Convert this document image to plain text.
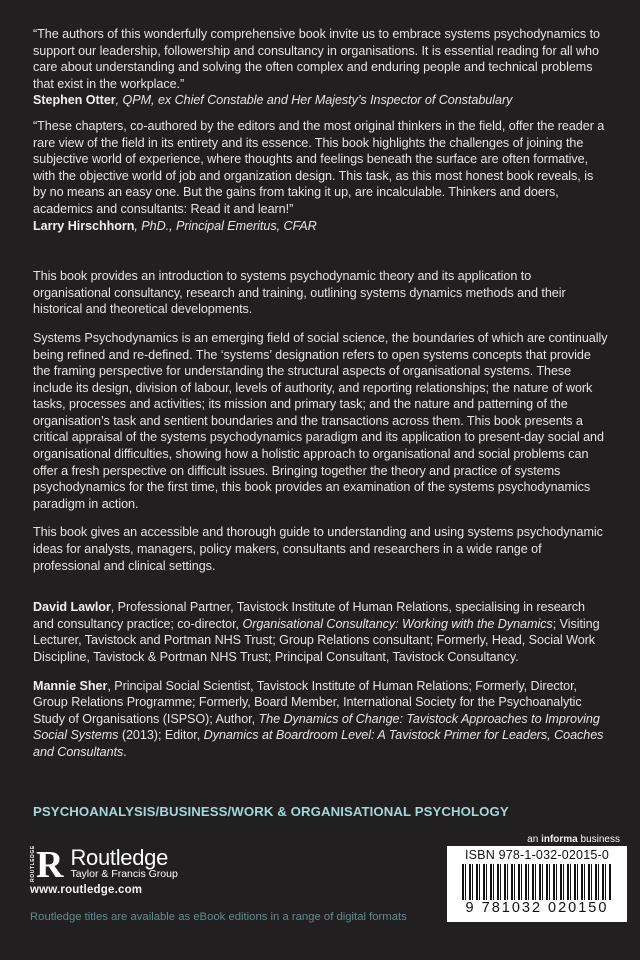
“The authors of this wonderfully comprehensive book invite us to embrace systems psychodynamics to support our leadership, followership and consultancy in organisations. It is essential reading for all who care about understanding and solving the often complex and enduring people and technical problems that exist in the workplace.”

Stephen Otter, QPM, ex Chief Constable and Her Majesty’s Inspector of Constabulary

“These chapters, co-authored by the editors and the most original thinkers in the field, offer the reader a rare view of the field in its entirety and its essence. This book highlights the challenges of joining the subjective world of experience, where thoughts and feelings beneath the surface are often formative, with the objective world of job and organization design. This task, as this most honest book reveals, is by no means an easy one. But the gains from taking it up, are incalculable. Thinkers and doers, academics and consultants: Read it and learn!”

Larry Hirschhorn, PhD., Principal Emeritus, CFAR

This book provides an introduction to systems psychodynamic theory and its application to organisational consultancy, research and training, outlining systems dynamics methods and their historical and theoretical developments.

Systems Psychodynamics is an emerging field of social science, the boundaries of which are continually being refined and re-defined. The ‘systems’ designation refers to open systems concepts that provide the framing perspective for understanding the structural aspects of organisational systems. These include its design, division of labour, levels of authority, and reporting relationships; the nature of work tasks, processes and activities; its mission and primary task; and the nature and patterning of the organisation’s task and sentient boundaries and the transactions across them. This book presents a critical appraisal of the systems psychodynamics paradigm and its application to present-day social and organisational difficulties, showing how a holistic approach to organisational and social problems can offer a fresh perspective on difficult issues. Bringing together the theory and practice of systems psychodynamics for the first time, this book provides an examination of the systems psychodynamics paradigm in action.

This book gives an accessible and thorough guide to understanding and using systems psychodynamic ideas for analysts, managers, policy makers, consultants and researchers in a wide range of professional and clinical settings.

David Lawlor, Professional Partner, Tavistock Institute of Human Relations, specialising in research and consultancy practice; co-director, Organisational Consultancy: Working with the Dynamics; Visiting Lecturer, Tavistock and Portman NHS Trust; Group Relations consultant; Formerly, Head, Social Work Discipline, Tavistock & Portman NHS Trust; Principal Consultant, Tavistock Consultancy.

Mannie Sher, Principal Social Scientist, Tavistock Institute of Human Relations; Formerly, Director, Group Relations Programme; Formerly, Board Member, International Society for the Psychoanalytic Study of Organisations (ISPSO); Author, The Dynamics of Change: Tavistock Approaches to Improving Social Systems (2013); Editor, Dynamics at Boardroom Level: A Tavistock Primer for Leaders, Coaches and Consultants.

PSYCHOANALYSIS/BUSINESS/WORK & ORGANISATIONAL PSYCHOLOGY
an informa business
ROUTLEDGE R Routledge
Taylor & Francis Group
www.routledge.com
ISBN 978-1-032-02015-0
9 781032 020150
Routledge titles are available as eBook editions in a range of digital formats
